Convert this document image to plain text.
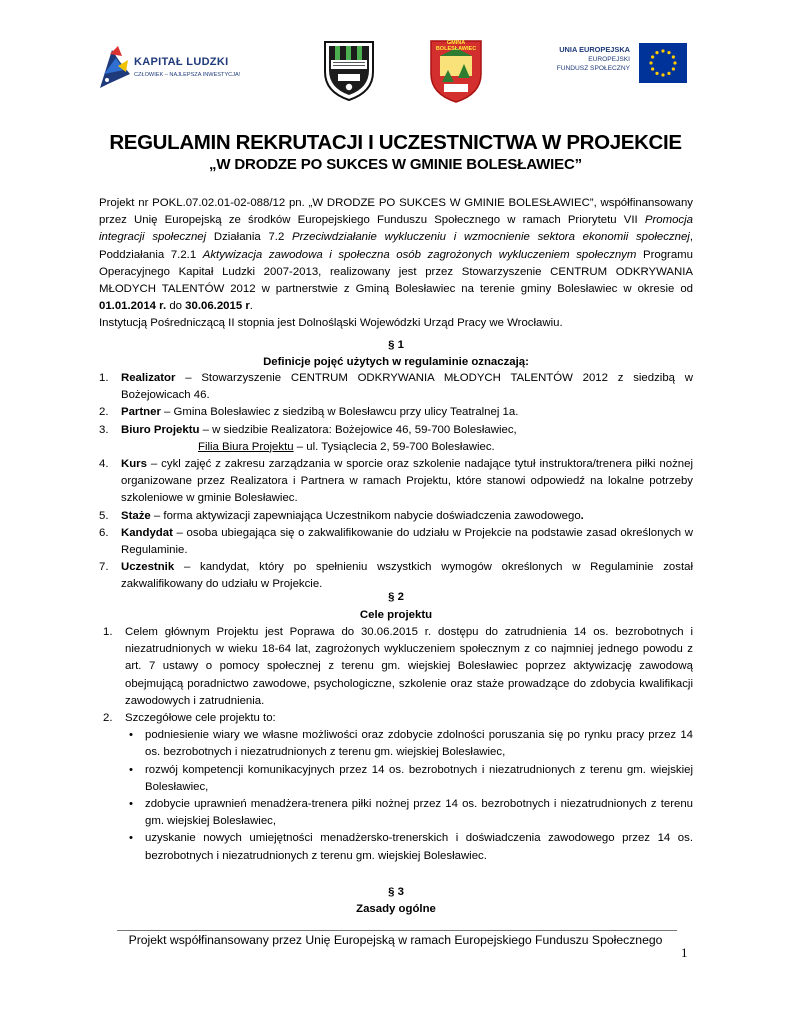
KAPITAŁ LUDZKI
CZŁOWIEK – NAJLEPSZA INWESTYCJA!
GMINA BOLESŁAWIEC	UNIA EUROPEJSKA
EUROPEJSKI
FUNDUSZ SPOŁECZNY
REGULAMIN REKRUTACJI I UCZESTNICTWA W PROJEKCIE
„W DRODZE PO SUKCES W GMINIE BOLESŁAWIEC”

Projekt nr POKL.07.02.01-02-088/12 pn. „W DRODZE PO SUKCES W GMINIE BOLESŁAWIEC”, współfinansowany przez Unię Europejską ze środków Europejskiego Funduszu Społecznego w ramach Priorytetu VII Promocja integracji społecznej Działania 7.2 Przeciwdziałanie wykluczeniu i wzmocnienie sektora ekonomii społecznej, Poddziałania 7.2.1 Aktywizacja zawodowa i społeczna osób zagrożonych wykluczeniem społecznym Programu Operacyjnego Kapitał Ludzki 2007-2013, realizowany jest przez Stowarzyszenie CENTRUM ODKRYWANIA MŁODYCH TALENTÓW 2012 w partnerstwie z Gminą Bolesławiec na terenie gminy Bolesławiec w okresie od 01.01.2014 r. do 30.06.2015 r.

Instytucją Pośredniczącą II stopnia jest Dolnośląski Wojewódzki Urząd Pracy we Wrocławiu.

§ 1
Definicje pojęć użytych w regulaminie oznaczają:
1. Realizator – Stowarzyszenie CENTRUM ODKRYWANIA MŁODYCH TALENTÓW 2012 z siedzibą w Bożejowicach 46.
2. Partner – Gmina Bolesławiec z siedzibą w Bolesławcu przy ulicy Teatralnej 1a.
3. Biuro Projektu – w siedzibie Realizatora: Bożejowice 46, 59-700 Bolesławiec,
Filia Biura Projektu – ul. Tysiąclecia 2, 59-700 Bolesławiec.
4. Kurs – cykl zajęć z zakresu zarządzania w sporcie oraz szkolenie nadające tytuł instruktora/trenera piłki nożnej organizowane przez Realizatora i Partnera w ramach Projektu, które stanowi odpowiedź na lokalne potrzeby szkoleniowe w gminie Bolesławiec.
5. Staże – forma aktywizacji zapewniająca Uczestnikom nabycie doświadczenia zawodowego.
6. Kandydat – osoba ubiegająca się o zakwalifikowanie do udziału w Projekcie na podstawie zasad określonych w Regulaminie.
7. Uczestnik – kandydat, który po spełnieniu wszystkich wymogów określonych w Regulaminie został zakwalifikowany do udziału w Projekcie.
§ 2
Cele projektu
1. Celem głównym Projektu jest Poprawa do 30.06.2015 r. dostępu do zatrudnienia 14 os. bezrobotnych i niezatrudnionych w wieku 18-64 lat, zagrożonych wykluczeniem społecznym z co najmniej jednego powodu z art. 7 ustawy o pomocy społecznej z terenu gm. wiejskiej Bolesławiec poprzez aktywizację zawodową obejmującą poradnictwo zawodowe, psychologiczne, szkolenie oraz staże prowadzące do zdobycia kwalifikacji zawodowych i zatrudnienia.
2. Szczegółowe cele projektu to:
• podniesienie wiary we własne możliwości oraz zdobycie zdolności poruszania się po rynku pracy przez 14 os. bezrobotnych i niezatrudnionych z terenu gm. wiejskiej Bolesławiec,
• rozwój kompetencji komunikacyjnych przez 14 os. bezrobotnych i niezatrudnionych z terenu gm. wiejskiej Bolesławiec,
• zdobycie uprawnień menadżera-trenera piłki nożnej przez 14 os. bezrobotnych i niezatrudnionych z terenu gm. wiejskiej Bolesławiec,
• uzyskanie nowych umiejętności menadżersko-trenerskich i doświadczenia zawodowego przez 14 os. bezrobotnych i niezatrudnionych z terenu gm. wiejskiej Bolesławiec.
§ 3
Zasady ogólne
Projekt współfinansowany przez Unię Europejską w ramach Europejskiego Funduszu Społecznego
1
